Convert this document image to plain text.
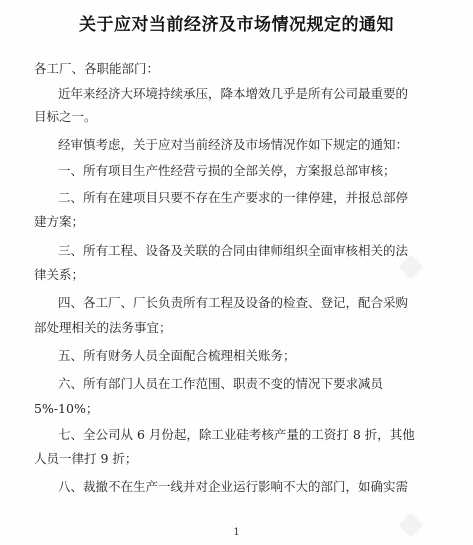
关于应对当前经济及市场情况规定的通知
各工厂、各职能部门：
近年来经济大环境持续承压，降本增效几乎是所有公司最重要的
目标之一。
经审慎考虑，关于应对当前经济及市场情况作如下规定的通知：
一、所有项目生产性经营亏损的全部关停，方案报总部审核；
二、所有在建项目只要不存在生产要求的一律停建，并报总部停
建方案；
三、所有工程、设备及关联的合同由律师组织全面审核相关的法
律关系；
四、各工厂、厂长负责所有工程及设备的检查、登记，配合采购
部处理相关的法务事宜；
五、所有财务人员全面配合梳理相关账务；
六、所有部门人员在工作范围、职责不变的情况下要求减员
5%-10%；
七、全公司从 6 月份起，除工业硅考核产量的工资打 8 折，其他
人员一律打 9 折；
八、裁撤不在生产一线并对企业运行影响不大的部门，如确实需
1
